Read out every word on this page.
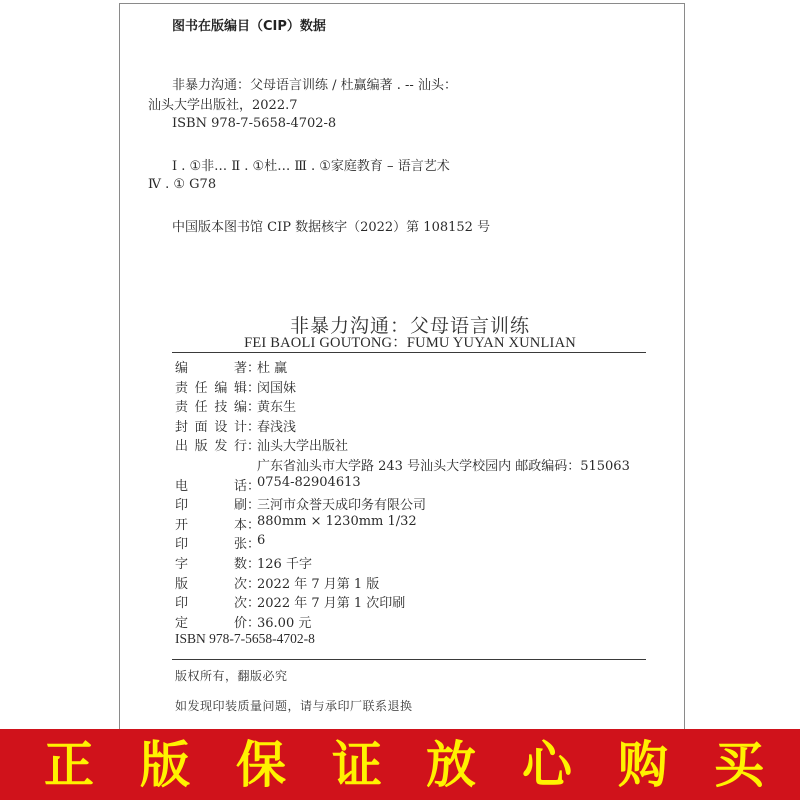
图书在版编目（CIP）数据
非暴力沟通：父母语言训练 / 杜赢编著 . -- 汕头：
汕头大学出版社，2022.7
ISBN 978-7-5658-4702-8
Ⅰ . ①非… Ⅱ . ①杜… Ⅲ . ①家庭教育 – 语言艺术
Ⅳ . ① G78
中国版本图书馆 CIP 数据核字（2022）第 108152 号
非暴力沟通：父母语言训练
FEI BAOLI GOUTONG：FUMU YUYAN XUNLIAN
编著 ：
杜 赢
责任编辑 ：
闵国妹
责任技编 ：
黄东生
封面设计 ：
春浅浅
出版发行 ：
汕头大学出版社
广东省汕头市大学路 243 号汕头大学校园内 邮政编码：515063
电话 ：
0754-82904613
印刷 ：
三河市众誉天成印务有限公司
开本 ：
880mm × 1230mm 1/32
印张 ：
6
字数 ：
126 千字
版次 ：
2022 年 7 月第 1 版
印次 ：
2022 年 7 月第 1 次印刷
定价 ：
36.00 元
ISBN 978-7-5658-4702-8
版权所有，翻版必究
如发现印装质量问题，请与承印厂联系退换
正 版 保 证 放 心 购 买
